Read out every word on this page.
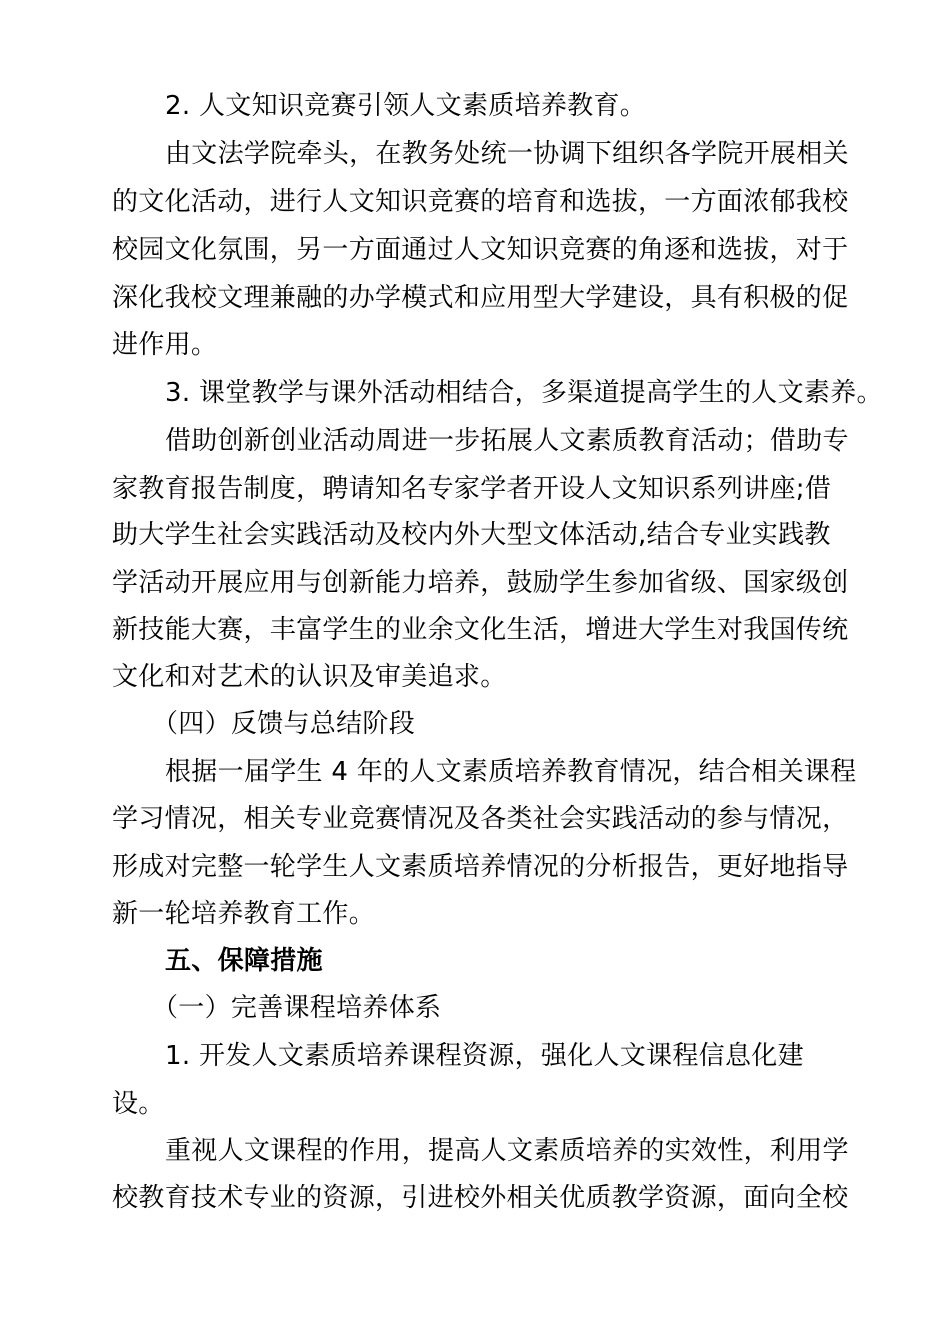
2. 人文知识竞赛引领人文素质培养教育。
由文法学院牵头，在教务处统一协调下组织各学院开展相关
的文化活动，进行人文知识竞赛的培育和选拔，一方面浓郁我校
校园文化氛围，另一方面通过人文知识竞赛的角逐和选拔，对于
深化我校文理兼融的办学模式和应用型大学建设，具有积极的促
进作用。
3. 课堂教学与课外活动相结合，多渠道提高学生的人文素养。
借助创新创业活动周进一步拓展人文素质教育活动；借助专
家教育报告制度，聘请知名专家学者开设人文知识系列讲座;借
助大学生社会实践活动及校内外大型文体活动,结合专业实践教
学活动开展应用与创新能力培养，鼓励学生参加省级、国家级创
新技能大赛，丰富学生的业余文化生活，增进大学生对我国传统
文化和对艺术的认识及审美追求。
（四）反馈与总结阶段
根据一届学生 4 年的人文素质培养教育情况，结合相关课程
学习情况，相关专业竞赛情况及各类社会实践活动的参与情况，
形成对完整一轮学生人文素质培养情况的分析报告，更好地指导
新一轮培养教育工作。
五、保障措施
（一）完善课程培养体系
1. 开发人文素质培养课程资源，强化人文课程信息化建
设。
重视人文课程的作用，提高人文素质培养的实效性，利用学
校教育技术专业的资源，引进校外相关优质教学资源，面向全校
